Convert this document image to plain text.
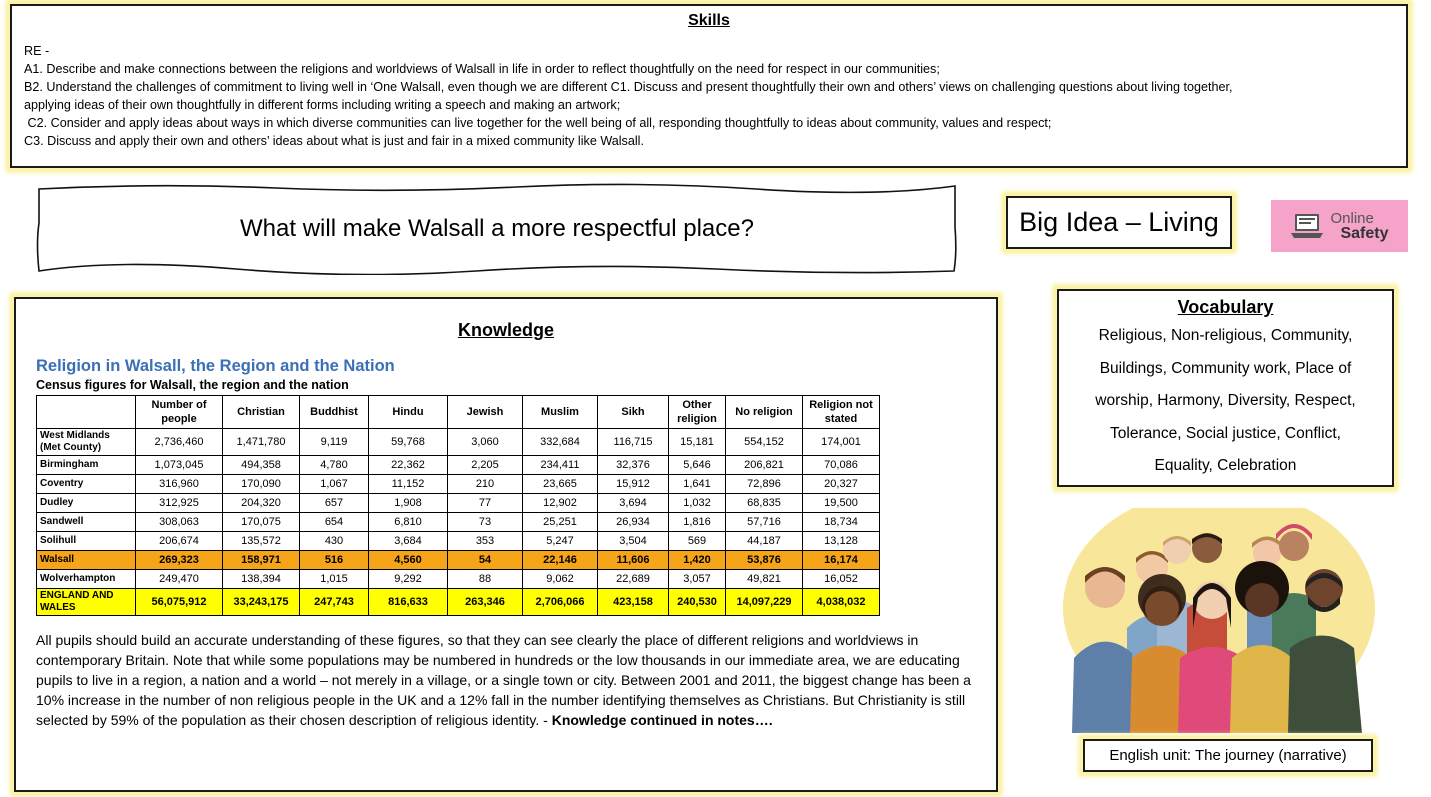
Skills
RE -
A1. Describe and make connections between the religions and worldviews of Walsall in life in order to reflect thoughtfully on the need for respect in our communities;
B2. Understand the challenges of commitment to living well in ‘One Walsall, even though we are different C1. Discuss and present thoughtfully their own and others’ views on challenging questions about living together,
applying ideas of their own thoughtfully in different forms including writing a speech and making an artwork;
C2. Consider and apply ideas about ways in which diverse communities can live together for the well being of all, responding thoughtfully to ideas about community, values and respect;
C3. Discuss and apply their own and others’ ideas about what is just and fair in a mixed community like Walsall.
What will make Walsall a more respectful place?	Big Idea – Living	Online
Safety
Knowledge
Religion in Walsall, the Region and the Nation
Census figures for Walsall, the region and the nation
	Number of people	Christian	Buddhist	Hindu	Jewish	Muslim	Sikh	Other religion	No religion	Religion not stated
West Midlands (Met County)	2,736,460	1,471,780	9,119	59,768	3,060	332,684	116,715	15,181	554,152	174,001
Birmingham	1,073,045	494,358	4,780	22,362	2,205	234,411	32,376	5,646	206,821	70,086
Coventry	316,960	170,090	1,067	11,152	210	23,665	15,912	1,641	72,896	20,327
Dudley	312,925	204,320	657	1,908	77	12,902	3,694	1,032	68,835	19,500
Sandwell	308,063	170,075	654	6,810	73	25,251	26,934	1,816	57,716	18,734
Solihull	206,674	135,572	430	3,684	353	5,247	3,504	569	44,187	13,128
Walsall	269,323	158,971	516	4,560	54	22,146	11,606	1,420	53,876	16,174
Wolverhampton	249,470	138,394	1,015	9,292	88	9,062	22,689	3,057	49,821	16,052
ENGLAND AND WALES	56,075,912	33,243,175	247,743	816,633	263,346	2,706,066	423,158	240,530	14,097,229	4,038,032
All pupils should build an accurate understanding of these figures, so that they can see clearly the place of different religions and worldviews in contemporary Britain. Note that while some populations may be numbered in hundreds or the low thousands in our immediate area, we are educating pupils to live in a region, a nation and a world – not merely in a village, or a single town or city. Between 2001 and 2011, the biggest change has been a 10% increase in the number of non religious people in the UK and a 12% fall in the number identifying themselves as Christians. But Christianity is still selected by 59% of the population as their chosen description of religious identity. - Knowledge continued in notes….
Vocabulary
Religious, Non-religious, Community,
Buildings, Community work, Place of
worship, Harmony, Diversity, Respect,
Tolerance, Social justice, Conflict,
Equality, Celebration
English unit: The journey (narrative)
